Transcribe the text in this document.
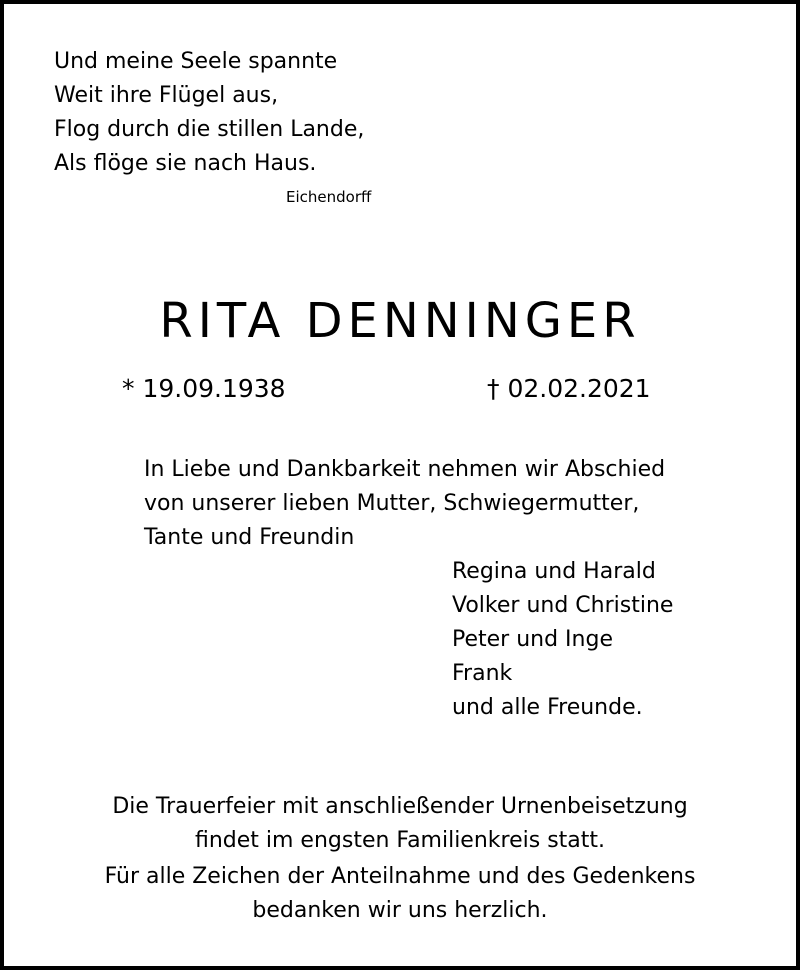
Und meine Seele spannte

Weit ihre Flügel aus,

Flog durch die stillen Lande,

Als flöge sie nach Haus.

Eichendorff

RITA DENNINGER

* 19.09.1938	† 02.02.2021

In Liebe und Dankbarkeit nehmen wir Abschied

von unserer lieben Mutter, Schwiegermutter,

Tante und Freundin

Regina und Harald

Volker und Christine

Peter und Inge

Frank

und alle Freunde.

Die Trauerfeier mit anschließender Urnenbeisetzung

findet im engsten Familienkreis statt.

Für alle Zeichen der Anteilnahme und des Gedenkens

bedanken wir uns herzlich.
